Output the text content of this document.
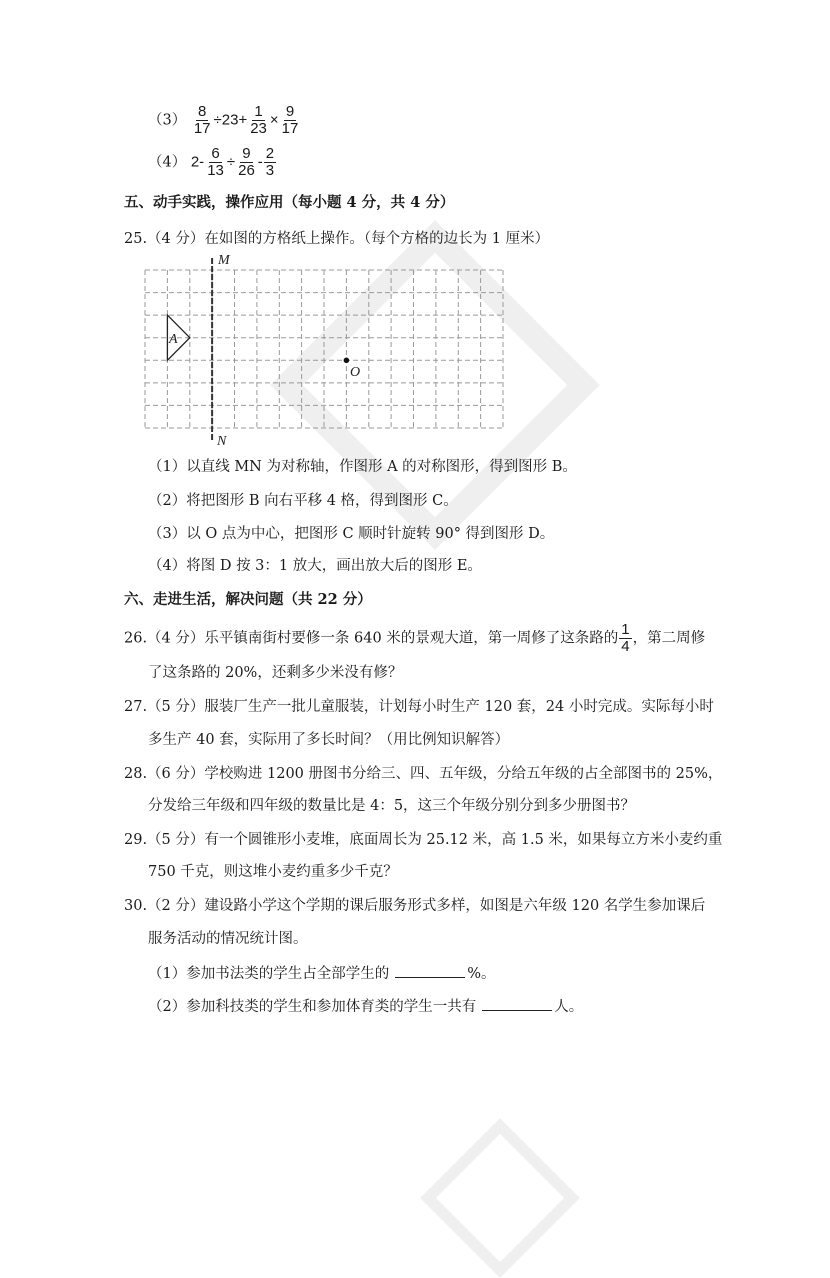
$(3) \frac{8}{17} \div 23+ \frac{1}{23} \times \frac{9}{17}$
（4） $2- \frac{6}{13} \div \frac{9}{26} - \frac{2}{3}$
五、动手实践，操作应用（每小题 4 分，共 4 分）
25.（4 分）在如图的方格纸上操作。（每个方格的边长为 1 厘米）
M
N
A
O
（1）以直线 MN 为对称轴，作图形 A 的对称图形，得到图形 B。
（2）将把图形 B 向右平移 4 格，得到图形 C。
（3）以 O 点为中心，把图形 C 顺时针旋转 90° 得到图形 D。
（4）将图 D 按 3：1 放大，画出放大后的图形 E。
六、走进生活，解决问题（共 22 分）
26.（4 分）乐平镇南街村要修一条 640 米的景观大道，第一周修了这条路的 $\frac{1}{4}$ ，第二周修
了这条路的 20%，还剩多少米没有修？
27.（5 分）服装厂生产一批儿童服装，计划每小时生产 120 套，24 小时完成。实际每小时
多生产 40 套，实际用了多长时间？（用比例知识解答）
28.（6 分）学校购进 1200 册图书分给三、四、五年级，分给五年级的占全部图书的 25%，
分发给三年级和四年级的数量比是 4：5，这三个年级分别分到多少册图书？
29.（5 分）有一个圆锥形小麦堆，底面周长为 25.12 米，高 1.5 米，如果每立方米小麦约重
750 千克，则这堆小麦约重多少千克？
30.（2 分）建设路小学这个学期的课后服务形式多样，如图是六年级 120 名学生参加课后
服务活动的情况统计图。
（1）参加书法类的学生占全部学生的	%。
（2）参加科技类的学生和参加体育类的学生一共有	人。
